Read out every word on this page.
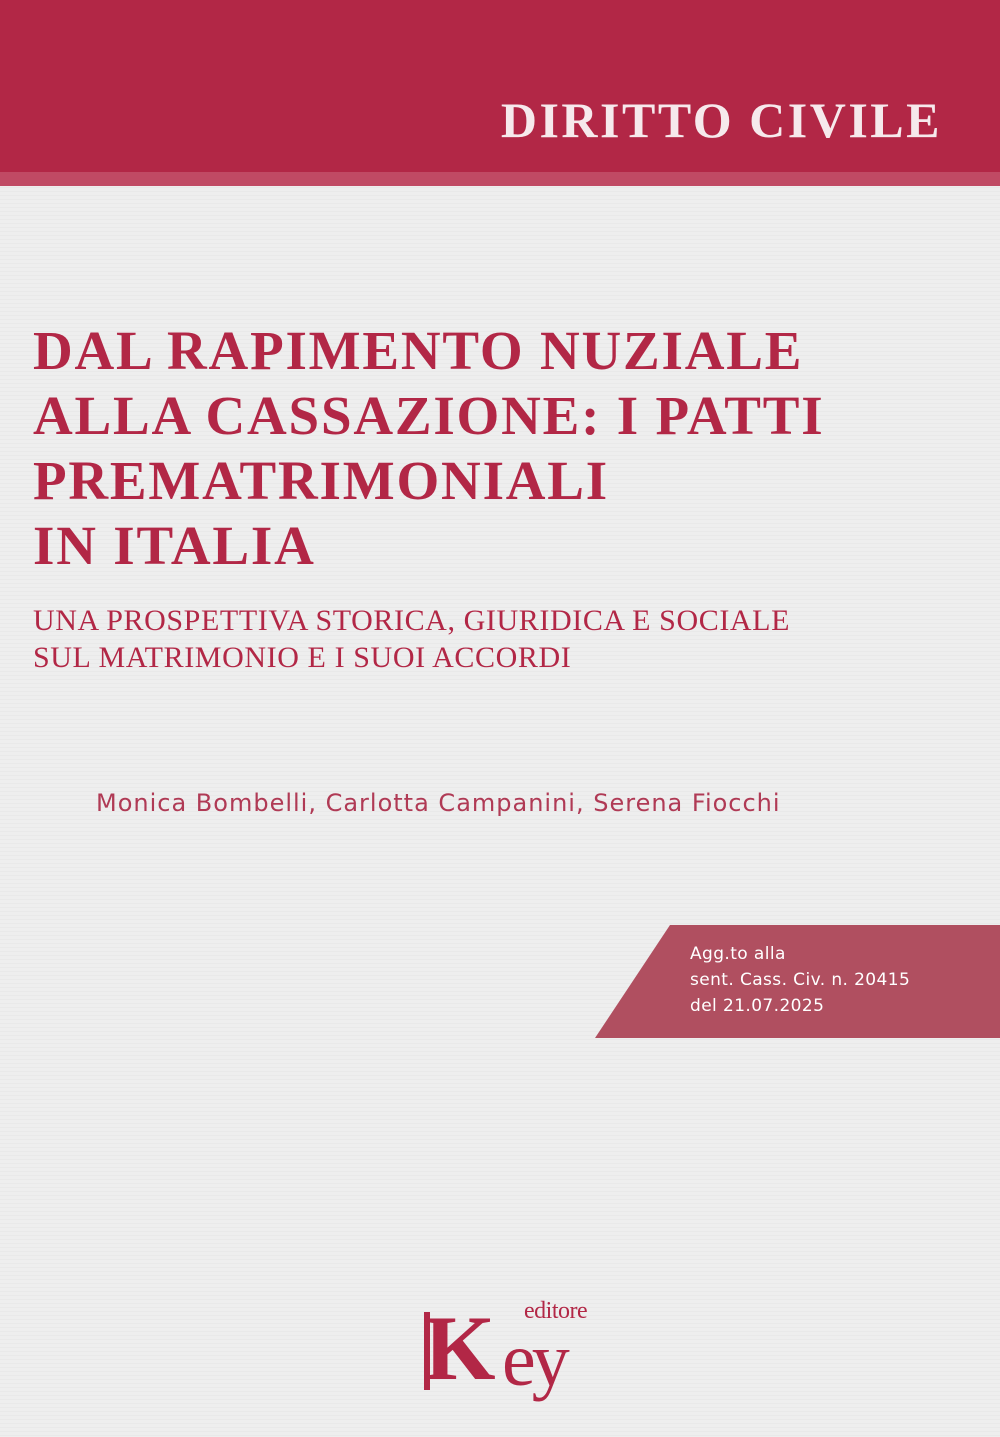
DIRITTO CIVILE
DAL RAPIMENTO NUZIALE
ALLA CASSAZIONE: I PATTI
PREMATRIMONIALI
IN ITALIA
UNA PROSPETTIVA STORICA, GIURIDICA E SOCIALE
SUL MATRIMONIO E I SUOI ACCORDI
Monica Bombelli, Carlotta Campanini, Serena Fiocchi
Agg.to alla
sent. Cass. Civ. n. 20415
del 21.07.2025
K editore
ey
